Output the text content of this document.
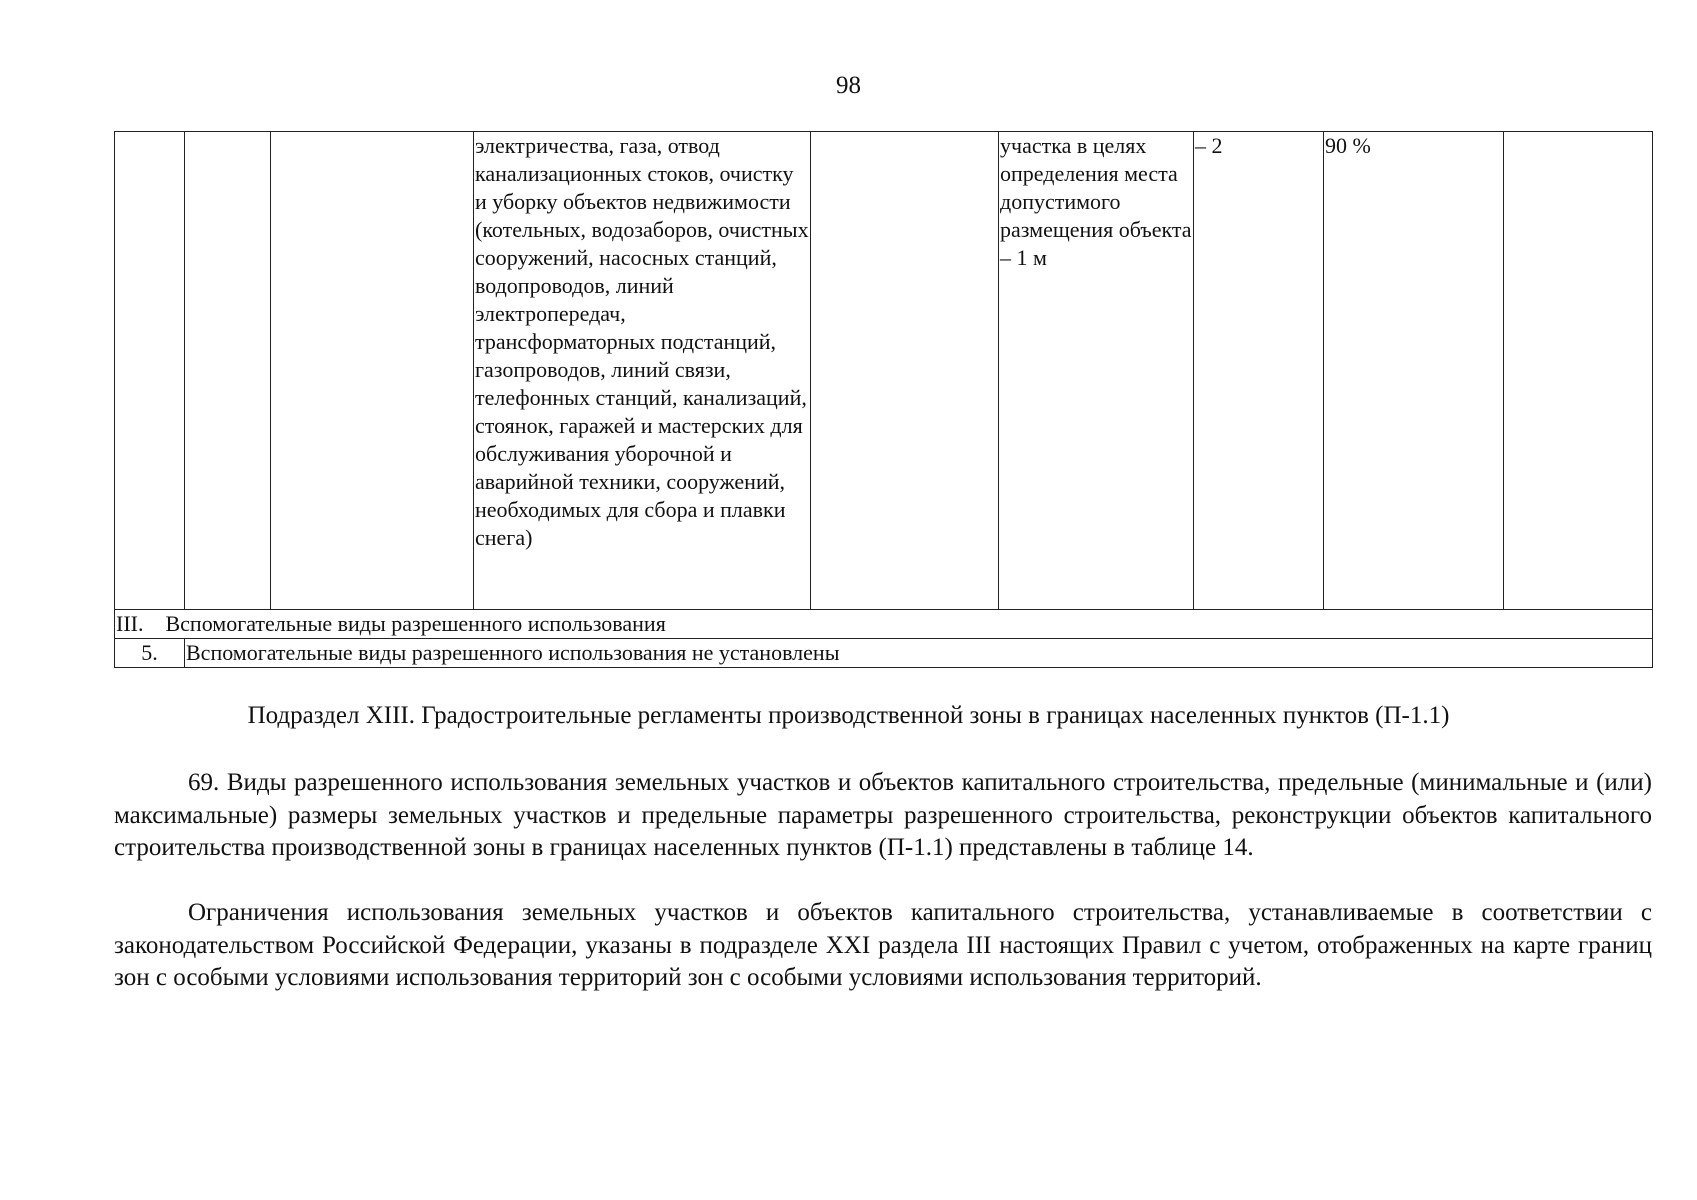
98
			электричества, газа, отвод канализационных стоков, очистку и уборку объектов недвижимости (котельных, водозаборов, очистных сооружений, насосных станций, водопроводов, линий электропередач, трансформаторных подстанций, газопроводов, линий связи, телефонных станций, канализаций, стоянок, гаражей и мастерских для обслуживания уборочной и аварийной техники, сооружений, необходимых для сбора и плавки снега)		участка в целях определения места допустимого размещения объекта – 1 м	– 2	90 %	
III.    Вспомогательные виды разрешенного использования								
5.	Вспомогательные виды разрешенного использования не установлены							
Подраздел XIII. Градостроительные регламенты производственной зоны в границах населенных пунктов (П-1.1)

69. Виды разрешенного использования земельных участков и объектов капитального строительства, предельные (минимальные и (или) максимальные) размеры земельных участков и предельные параметры разрешенного строительства, реконструкции объектов капитального строительства производственной зоны в границах населенных пунктов (П-1.1) представлены в таблице 14.

Ограничения использования земельных участков и объектов капитального строительства, устанавливаемые в соответствии с законодательством Российской Федерации, указаны в подразделе XXI раздела III настоящих Правил с учетом, отображенных на карте границ зон с особыми условиями использования территорий зон с особыми условиями использования территорий.
